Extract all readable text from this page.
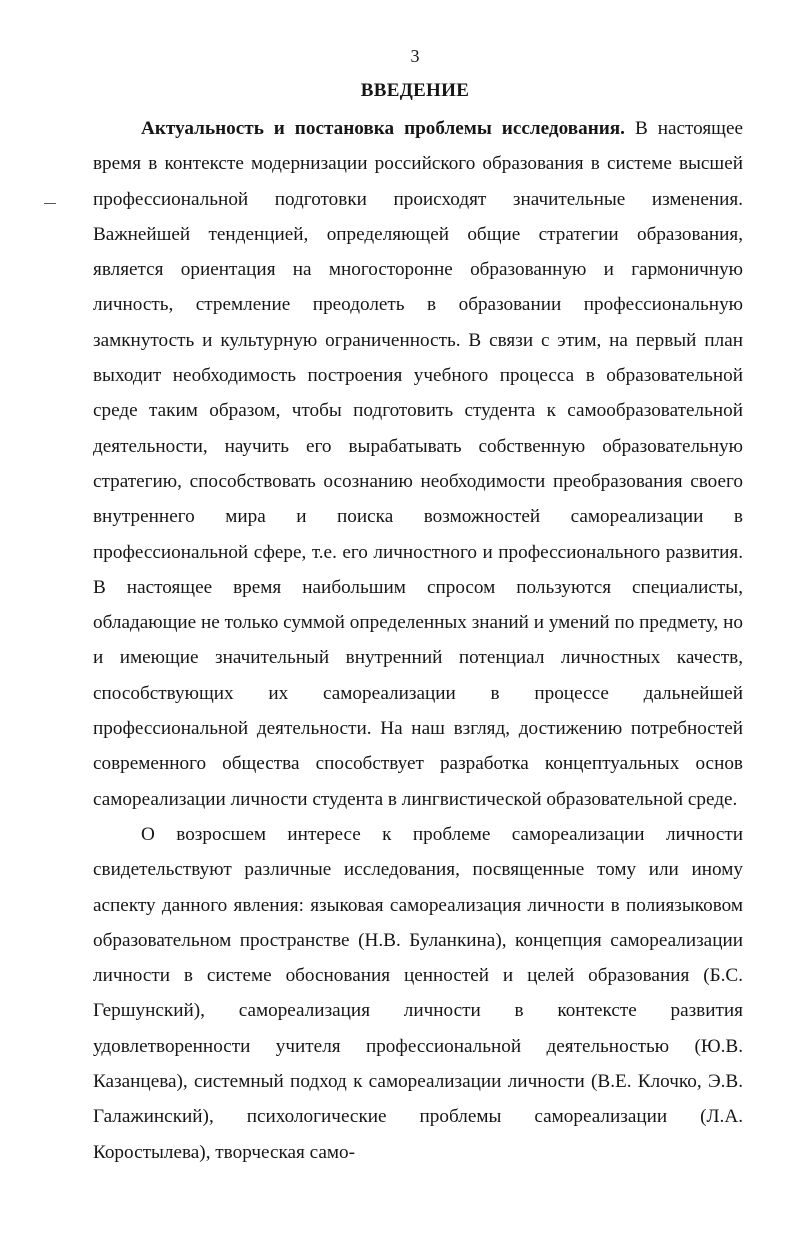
3
ВВЕДЕНИЕ

Актуальность и постановка проблемы исследования. В настоящее время в контексте модернизации российского образования в системе высшей профессиональной подготовки происходят значительные изменения. Важнейшей тенденцией, определяющей общие стратегии образования, является ориентация на многосторонне образованную и гармоничную личность, стремление преодолеть в образовании профессиональную замкнутость и культурную ограниченность. В связи с этим, на первый план выходит необходимость построения учебного процесса в образовательной среде таким образом, чтобы подготовить студента к самообразовательной деятельности, научить его вырабатывать собственную образовательную стратегию, способствовать осознанию необходимости преобразования своего внутреннего мира и поиска возможностей самореализации в профессиональной сфере, т.е. его личностного и профессионального развития. В настоящее время наибольшим спросом пользуются специалисты, обладающие не только суммой определенных знаний и умений по предмету, но и имеющие значительный внутренний потенциал личностных качеств, способствующих их самореализации в процессе дальнейшей профессиональной деятельности. На наш взгляд, достижению потребностей современного общества способствует разработка концептуальных основ самореализации личности студента в лингвистической образовательной среде.

О возросшем интересе к проблеме самореализации личности свидетельствуют различные исследования, посвященные тому или иному аспекту данного явления: языковая самореализация личности в полиязыковом образовательном пространстве (Н.В. Буланкина), концепция самореализации личности в системе обоснования ценностей и целей образования (Б.С. Гершунский), самореализация личности в контексте развития удовлетворенности учителя профессиональной деятельностью (Ю.В. Казанцева), системный подход к самореализации личности (В.Е. Клочко, Э.В. Галажинский), психологические проблемы самореализации (Л.А. Коростылева), творческая само-
